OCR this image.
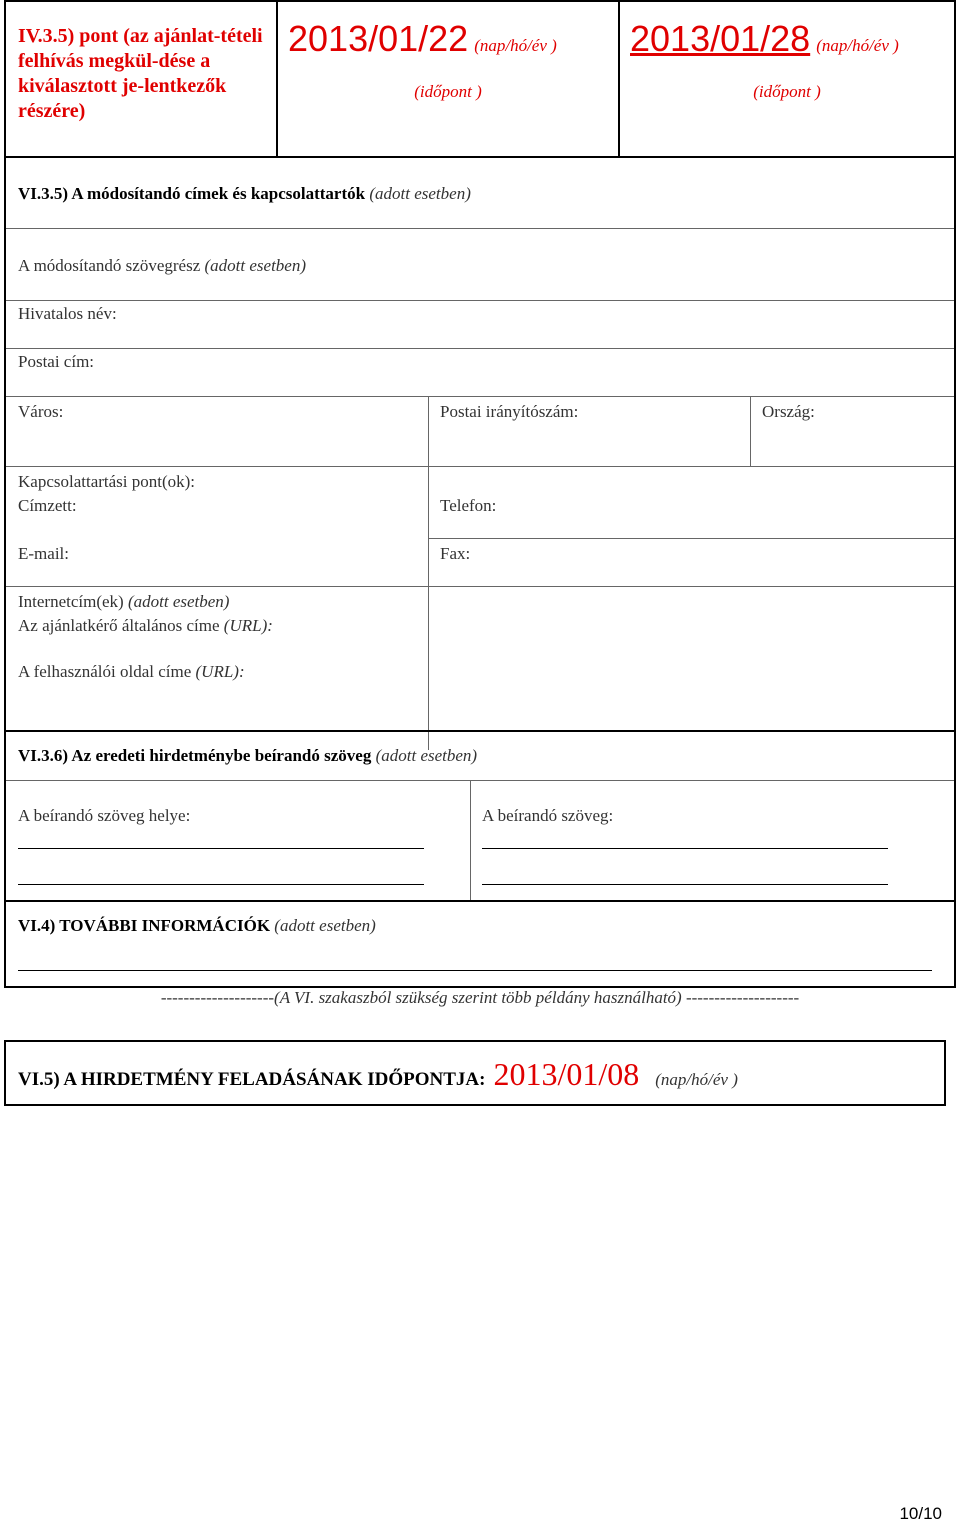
IV.3.5) pont (az ajánlat-tételi felhívás megkül-dése a kiválasztott je-lentkezők részére)
2013/01/22 (nap/hó/év )
(időpont )
2013/01/28 (nap/hó/év )
(időpont )
VI.3.5) A módosítandó címek és kapcsolattartók (adott esetben)
A módosítandó szövegrész (adott esetben)
Hivatalos név:
Postai cím:
Város:	Postai irányítószám:	Ország:
Kapcsolattartási pont(ok):
Címzett:	Telefon:
E-mail:	Fax:
Internetcím(ek) (adott esetben)
Az ajánlatkérő általános címe (URL):
A felhasználói oldal címe (URL):
VI.3.6) Az eredeti hirdetménybe beírandó szöveg (adott esetben)
A beírandó szöveg helye:	A beírandó szöveg:
VI.4) TOVÁBBI INFORMÁCIÓK (adott esetben)
--------------------(A VI. szakaszból szükség szerint több példány használható) --------------------
VI.5) A HIRDETMÉNY FELADÁSÁNAK IDŐPONTJA: 2013/01/08 (nap/hó/év )
10/10
